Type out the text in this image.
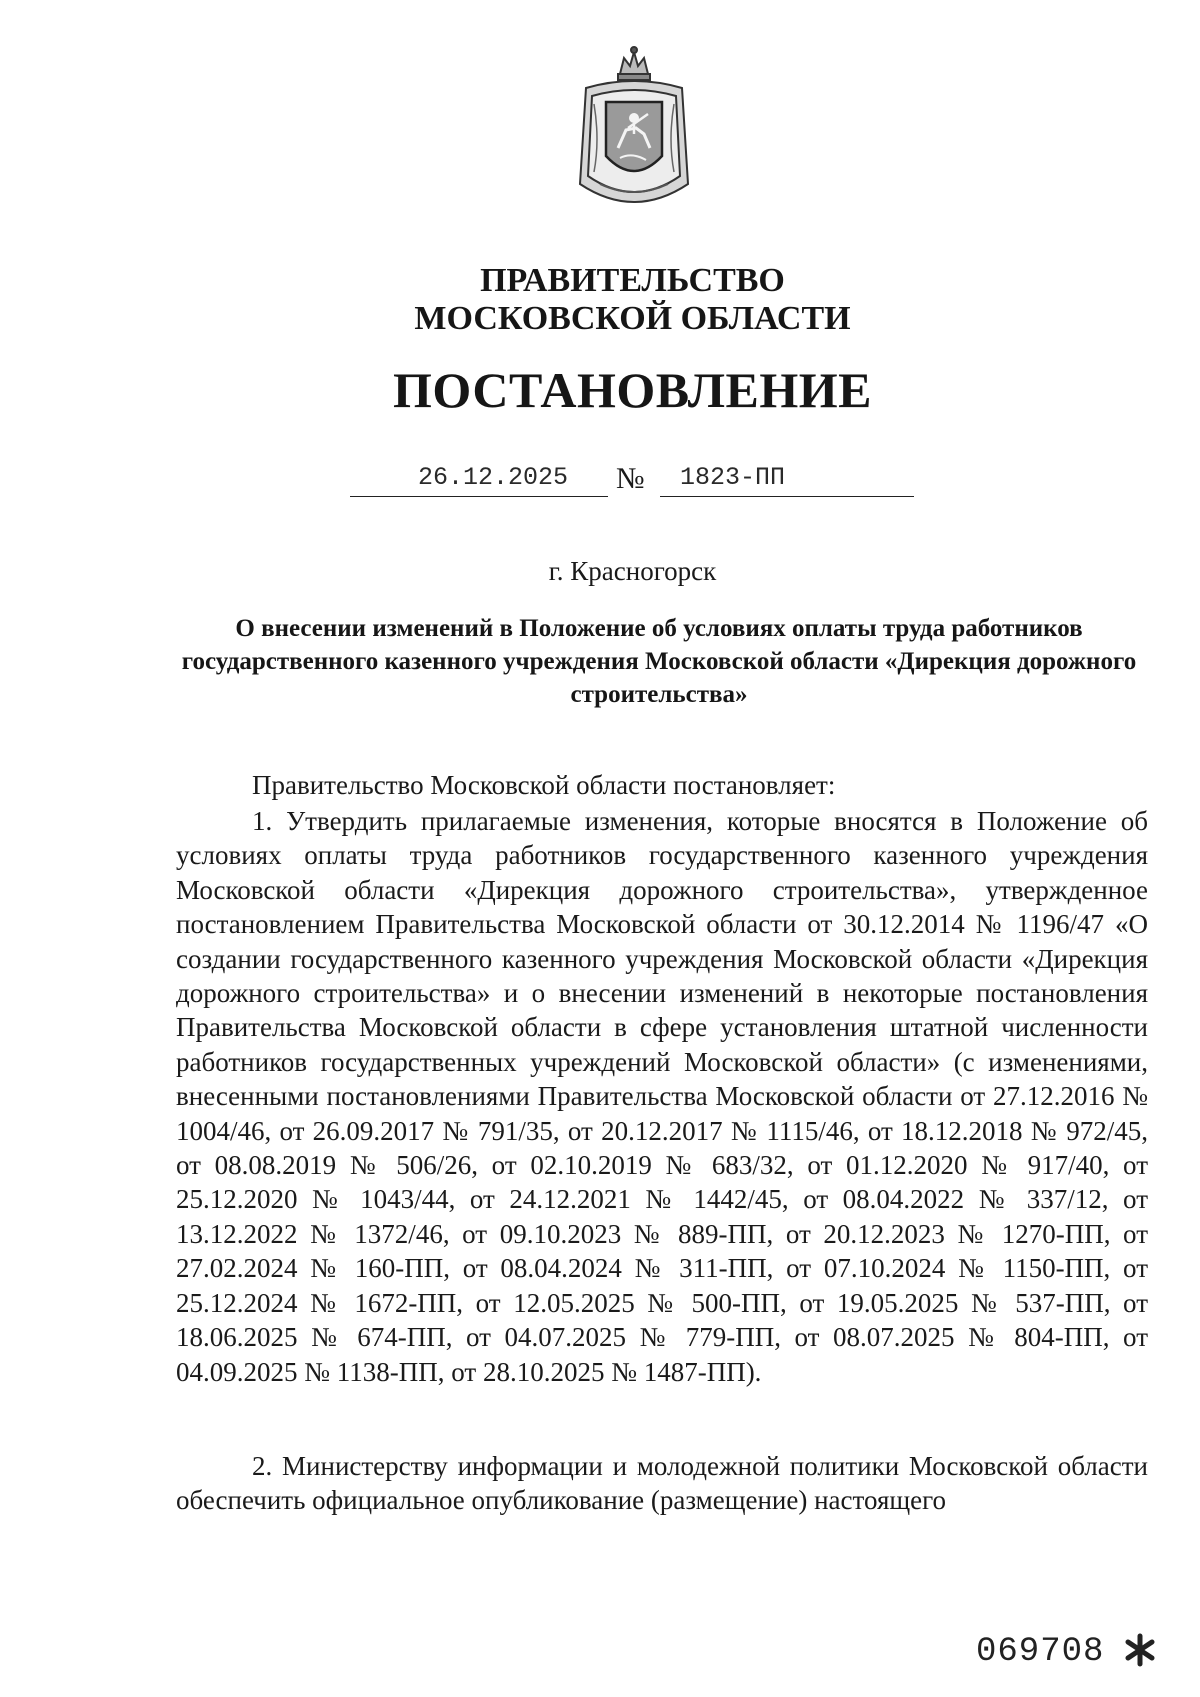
ПРАВИТЕЛЬСТВО
МОСКОВСКОЙ ОБЛАСТИ
ПОСТАНОВЛЕНИЕ
26.12.2025 № 1823-ПП
г. Красногорск
О внесении изменений в Положение об условиях оплаты труда работников государственного казенного учреждения Московской области «Дирекция дорожного строительства»
Правительство Московской области постановляет:
1. Утвердить прилагаемые изменения, которые вносятся в Положение об условиях оплаты труда работников государственного казенного учреждения Московской области «Дирекция дорожного строительства», утвержденное постановлением Правительства Московской области от 30.12.2014 № 1196/47 «О создании государственного казенного учреждения Московской области «Дирекция дорожного строительства» и о внесении изменений в некоторые постановления Правительства Московской области в сфере установления штатной численности работников государственных учреждений Московской области» (с изменениями, внесенными постановлениями Правительства Московской области от 27.12.2016 № 1004/46, от 26.09.2017 № 791/35, от 20.12.2017 № 1115/46, от 18.12.2018 № 972/45, от 08.08.2019 № 506/26, от 02.10.2019 № 683/32, от 01.12.2020 № 917/40, от 25.12.2020 № 1043/44, от 24.12.2021 № 1442/45, от 08.04.2022 № 337/12, от 13.12.2022 № 1372/46, от 09.10.2023 № 889-ПП, от 20.12.2023 № 1270-ПП, от 27.02.2024 № 160-ПП, от 08.04.2024 № 311-ПП, от 07.10.2024 № 1150-ПП, от 25.12.2024 № 1672-ПП, от 12.05.2025 № 500-ПП, от 19.05.2025 № 537-ПП, от 18.06.2025 № 674-ПП, от 04.07.2025 № 779-ПП, от 08.07.2025 № 804-ПП, от 04.09.2025 № 1138-ПП, от 28.10.2025 № 1487-ПП).
2. Министерству информации и молодежной политики Московской области обеспечить официальное опубликование (размещение) настоящего
069708
